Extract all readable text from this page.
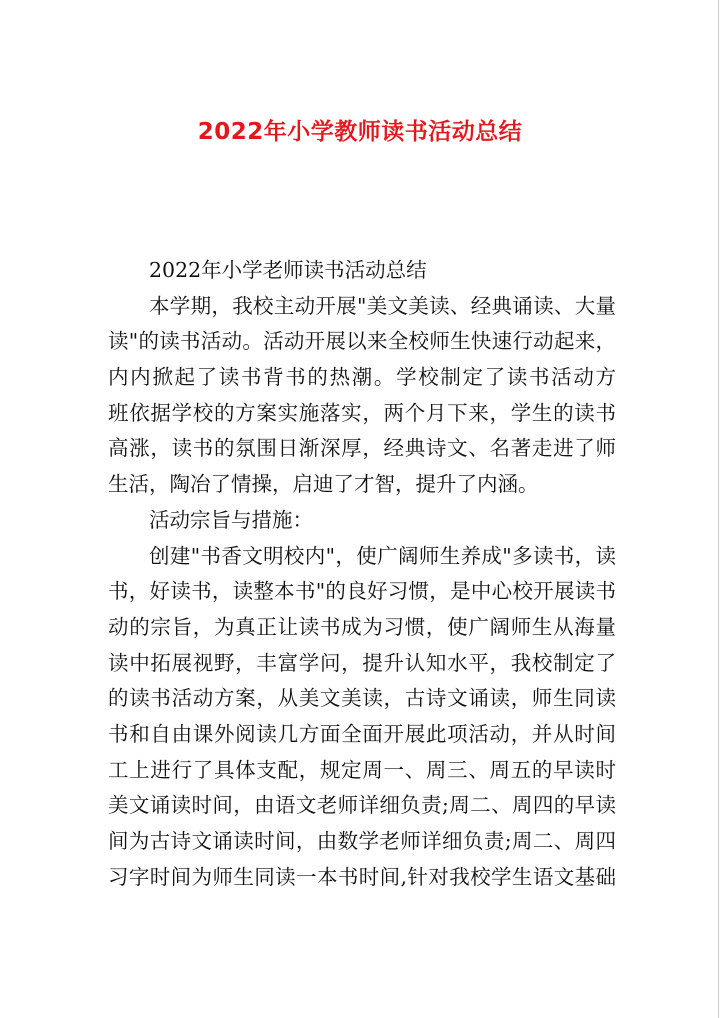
2022年小学教师读书活动总结
2022年小学老师读书活动总结
本学期，我校主动开展"美文美读、经典诵读、大量
读"的读书活动。活动开展以来全校师生快速行动起来，
内内掀起了读书背书的热潮。学校制定了读书活动方
班依据学校的方案实施落实，两个月下来，学生的读书
高涨，读书的氛围日渐深厚，经典诗文、名著走进了师
生活，陶冶了情操，启迪了才智，提升了内涵。
活动宗旨与措施：
创建"书香文明校内"，使广阔师生养成"多读书，读
书，好读书，读整本书"的良好习惯，是中心校开展读书
动的宗旨，为真正让读书成为习惯，使广阔师生从海量
读中拓展视野，丰富学问，提升认知水平，我校制定了
的读书活动方案，从美文美读，古诗文诵读，师生同读
书和自由课外阅读几方面全面开展此项活动，并从时间
工上进行了具体支配，规定周一、周三、周五的早读时
美文诵读时间，由语文老师详细负责;周二、周四的早读
间为古诗文诵读时间，由数学老师详细负责;周二、周四
习字时间为师生同读一本书时间,针对我校学生语文基础
